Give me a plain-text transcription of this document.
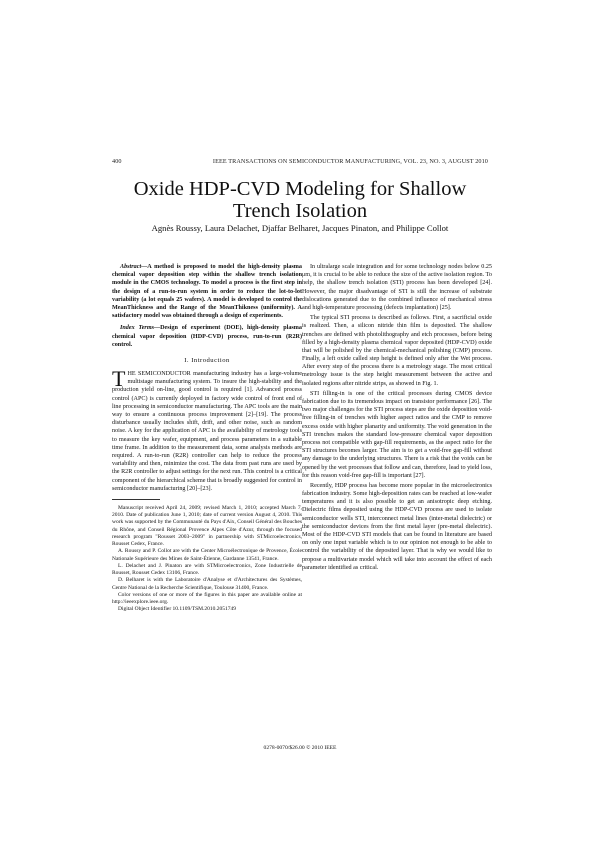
400	IEEE TRANSACTIONS ON SEMICONDUCTOR MANUFACTURING, VOL. 23, NO. 3, AUGUST 2010
Oxide HDP-CVD Modeling for Shallow
Trench Isolation
Agnès Roussy, Laura Delachet, Djaffar Belharet, Jacques Pinaton, and Philippe Collot

Abstract—A method is proposed to model the high-density plasma chemical vapor deposition step within the shallow trench isolation module in the CMOS technology. To model a process is the first step in the design of a run-to-run system in order to reduce the lot-to-lot variability (a lot equals 25 wafers). A model is developed to control the MeanThickness and the Range of the MeanThikness (uniformity). A satisfactory model was obtained through a design of experiments.

Index Terms—Design of experiment (DOE), high-density plasma chemical vapor deposition (HDP-CVD) process, run-to-run (R2R) control.

I. Introduction

THE SEMICONDUCTOR manufacturing industry has a large-volume multistage manufacturing system. To insure the high-stability and the production yield on-line, good control is required [1]. Advanced process control (APC) is currently deployed in factory wide control of front end of line processing in semiconductor manufacturing. The APC tools are the main way to ensure a continuous process improvement [2]–[19]. The process disturbance usually includes shift, drift, and other noise, such as random noise. A key for the application of APC is the availability of metrology tools to measure the key wafer, equipment, and process parameters in a suitable time frame. In addition to the measurement data, some analysis methods are required. A run-to-run (R2R) controller can help to reduce the process variability and then, minimize the cost. The data from past runs are used by the R2R controller to adjust settings for the next run. This control is a critical component of the hierarchical scheme that is broadly suggested for control in semiconductor manufacturing [20]–[23].

Manuscript received April 24, 2009; revised March 1, 2010; accepted March 7, 2010. Date of publication June 1, 2010; date of current version August 4, 2010. This work was supported by the Communauté du Pays d'Aix, Conseil Général des Bouches du Rhône, and Conseil Régional Provence Alpes Côte d'Azur, through the focused research program "Rousset 2003–2009" in partnership with STMicroelectronics, Rousset Cedex, France.

A. Roussy and P. Collot are with the Center Microélectronique de Provence, École Nationale Supérieure des Mines de Saint-Étienne, Gardanne 13541, France.

L. Delachet and J. Pinaton are with STMicroelectronics, Zone Industrielle de Rousset, Rousset Cedex 13106, France.

D. Belharet is with the Laboratoire d'Analyse et d'Architectures des Systèmes, Centre National de la Recherche Scientifique, Toulouse 31400, France.

Color versions of one or more of the figures in this paper are available online at http://ieeexplore.ieee.org.

Digital Object Identifier 10.1109/TSM.2010.2051749

In ultralarge scale integration and for some technology nodes below 0.25 μm, it is crucial to be able to reduce the size of the active isolation region. To help, the shallow trench isolation (STI) process has been developed [24]. However, the major disadvantage of STI is still the increase of substrate dislocations generated due to the combined influence of mechanical stress and high-temperature processing (defects implantation) [25].

The typical STI process is described as follows. First, a sacrificial oxide is realized. Then, a silicon nitride thin film is deposited. The shallow trenches are defined with photolithography and etch processes, before being filled by a high-density plasma chemical vapor deposited (HDP-CVD) oxide that will be polished by the chemical-mechanical polishing (CMP) process. Finally, a left oxide called step height is defined only after the Wet process. After every step of the process there is a metrology stage. The most critical metrology issue is the step height measurement between the active and isolated regions after nitride strips, as showed in Fig. 1.

STI filling-in is one of the critical processes during CMOS device fabrication due to its tremendous impact on transistor performance [26]. The two major challenges for the STI process steps are the oxide deposition void-free filling-in of trenches with higher aspect ratios and the CMP to remove excess oxide with higher planarity and uniformity. The void generation in the STI trenches makes the standard low-pressure chemical vapor deposition process not compatible with gap-fill requirements, as the aspect ratio for the STI structures becomes larger. The aim is to get a void-free gap-fill without any damage to the underlying structures. There is a risk that the voids can be opened by the wet processes that follow and can, therefore, lead to yield loss, for this reason void-free gap-fill is important [27].

Recently, HDP process has become more popular in the microelectronics fabrication industry. Some high-deposition rates can be reached at low-wafer temperatures and it is also possible to get an anisotropic deep etching. Dielectric films deposited using the HDP-CVD process are used to isolate semiconductor wells STI, interconnect metal lines (inter-metal dielectric) or the semiconductor devices from the first metal layer (pre-metal dielectric). Most of the HDP-CVD STI models that can be found in literature are based on only one input variable which is to our opinion not enough to be able to control the variability of the deposited layer. That is why we would like to propose a multivariate model which will take into account the effect of each parameter identified as critical.

0278-0070/$26.00 © 2010 IEEE
